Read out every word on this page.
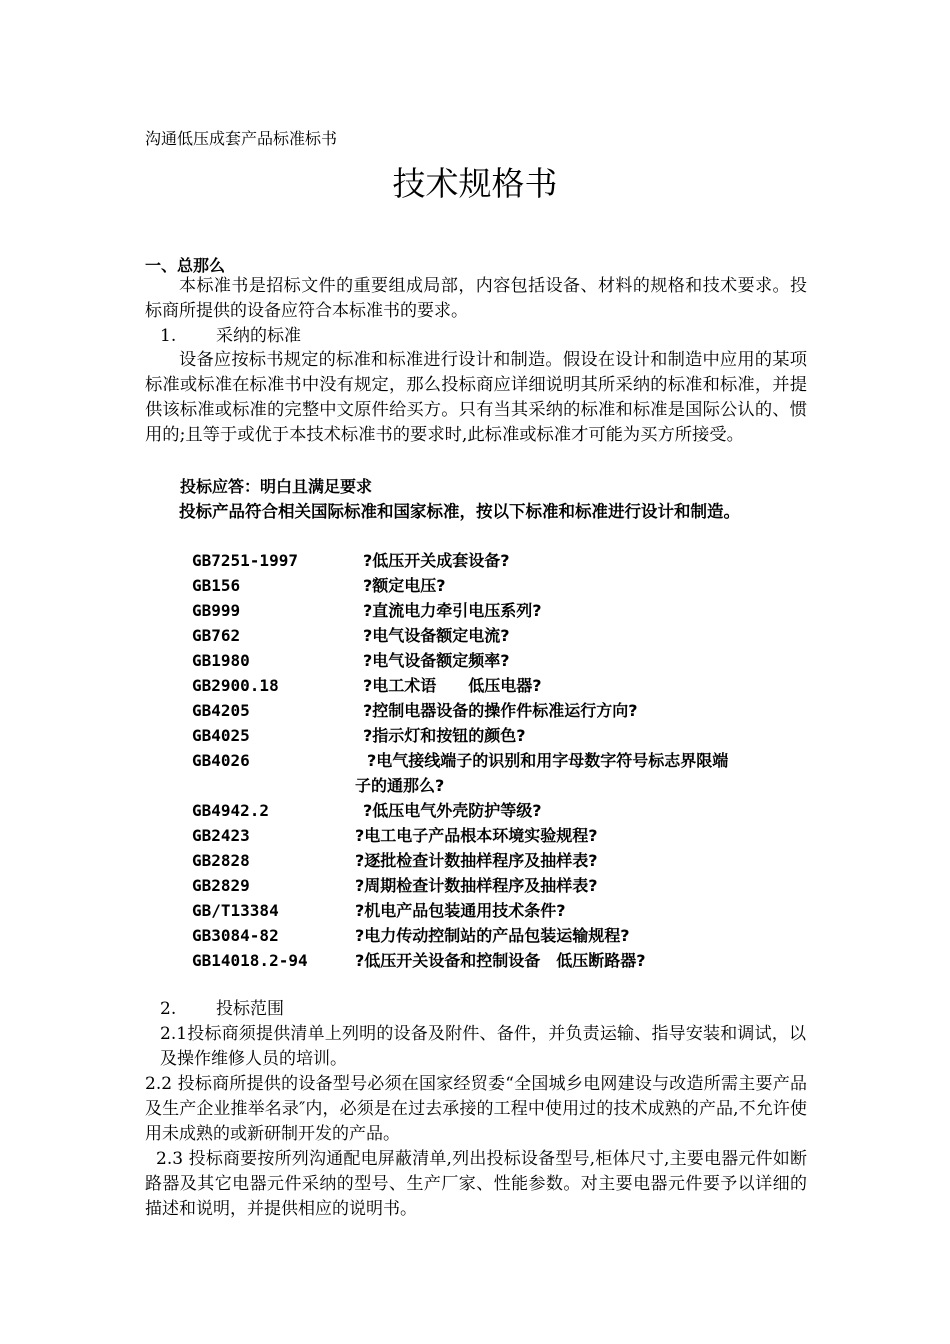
沟通低压成套产品标准标书
技术规格书
一、总那么
本标准书是招标文件的重要组成局部，内容包括设备、材料的规格和技术要求。投标商所提供的设备应符合本标准书的要求。
1. 采纳的标准
设备应按标书规定的标准和标准进行设计和制造。假设在设计和制造中应用的某项标准或标准在标准书中没有规定，那么投标商应详细说明其所采纳的标准和标准，并提供该标准或标准的完整中文原件给买方。只有当其采纳的标准和标准是国际公认的、惯用的;且等于或优于本技术标准书的要求时,此标准或标准才可能为买方所接受。
投标应答：明白且满足要求
投标产品符合相关国际标准和国家标准，按以下标准和标准进行设计和制造。
GB7251-1997	?低压开关成套设备?
GB156	?额定电压?
GB999	?直流电力牵引电压系列?
GB762	?电气设备额定电流?
GB1980	?电气设备额定频率?
GB2900.18	?电工术语　　低压电器?
GB4205	?控制电器设备的操作件标准运行方向?
GB4025	?指示灯和按钮的颜色?
GB4026	?电气接线端子的识别和用字母数字符号标志界限端
子的通那么?
GB4942.2	?低压电气外壳防护等级?
GB2423	?电工电子产品根本环境实验规程?
GB2828	?逐批检查计数抽样程序及抽样表?
GB2829	?周期检查计数抽样程序及抽样表?
GB/T13384	?机电产品包装通用技术条件?
GB3084-82	?电力传动控制站的产品包装运输规程?
GB14018.2-94	?低压开关设备和控制设备　低压断路器?
2. 投标范围
2.1投标商须提供清单上列明的设备及附件、备件，并负责运输、指导安装和调试，以及操作维修人员的培训。
2.2 投标商所提供的设备型号必须在国家经贸委“全国城乡电网建设与改造所需主要产品及生产企业推举名录″内，必须是在过去承接的工程中使用过的技术成熟的产品,不允许使用未成熟的或新研制开发的产品。
2.3 投标商要按所列沟通配电屏蔽清单,列出投标设备型号,柜体尺寸,主要电器元件如断路器及其它电器元件采纳的型号、生产厂家、性能参数。对主要电器元件要予以详细的描述和说明，并提供相应的说明书。
